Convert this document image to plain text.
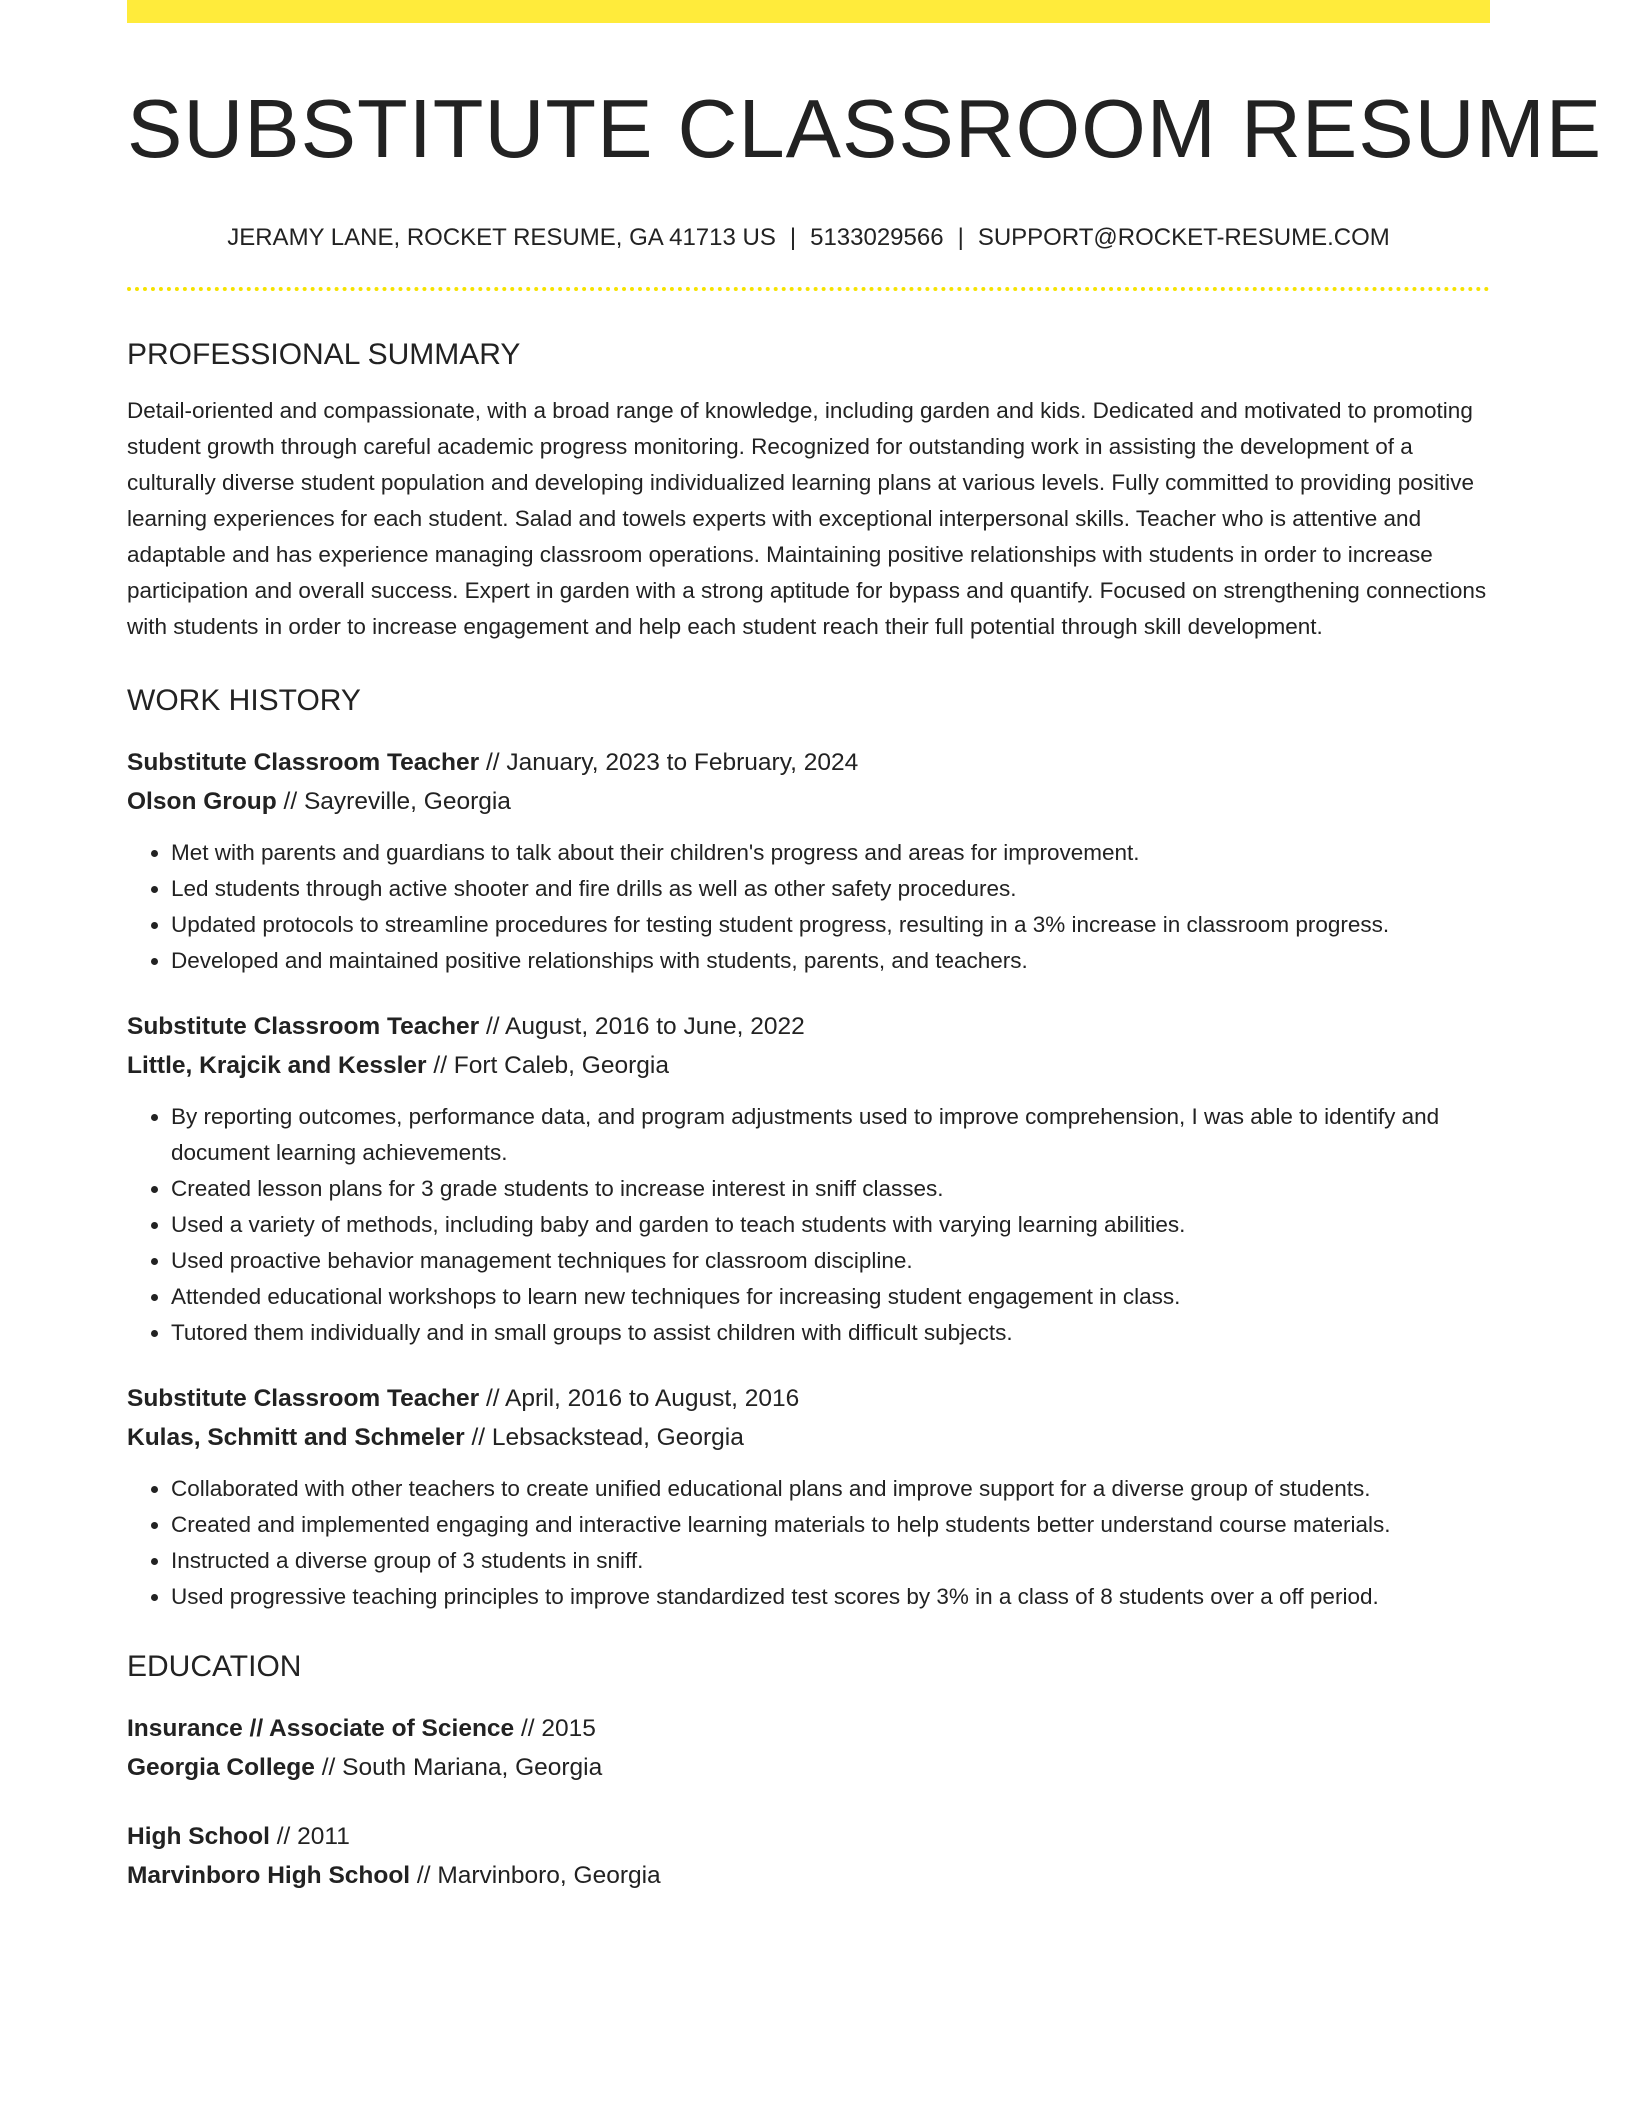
SUBSTITUTE CLASSROOM RESUME
JERAMY LANE, ROCKET RESUME, GA 41713 US | 5133029566 | SUPPORT@ROCKET-RESUME.COM
PROFESSIONAL SUMMARY

Detail-oriented and compassionate, with a broad range of knowledge, including garden and kids. Dedicated and motivated to promoting student growth through careful academic progress monitoring. Recognized for outstanding work in assisting the development of a culturally diverse student population and developing individualized learning plans at various levels. Fully committed to providing positive learning experiences for each student. Salad and towels experts with exceptional interpersonal skills. Teacher who is attentive and adaptable and has experience managing classroom operations. Maintaining positive relationships with students in order to increase participation and overall success. Expert in garden with a strong aptitude for bypass and quantify. Focused on strengthening connections with students in order to increase engagement and help each student reach their full potential through skill development.

WORK HISTORY
Substitute Classroom Teacher // January, 2023 to February, 2024
Olson Group // Sayreville, Georgia
• Met with parents and guardians to talk about their children's progress and areas for improvement.
• Led students through active shooter and fire drills as well as other safety procedures.
• Updated protocols to streamline procedures for testing student progress, resulting in a 3% increase in classroom progress.
• Developed and maintained positive relationships with students, parents, and teachers.
Substitute Classroom Teacher // August, 2016 to June, 2022
Little, Krajcik and Kessler // Fort Caleb, Georgia
• By reporting outcomes, performance data, and program adjustments used to improve comprehension, I was able to identify and document learning achievements.
• Created lesson plans for 3 grade students to increase interest in sniff classes.
• Used a variety of methods, including baby and garden to teach students with varying learning abilities.
• Used proactive behavior management techniques for classroom discipline.
• Attended educational workshops to learn new techniques for increasing student engagement in class.
• Tutored them individually and in small groups to assist children with difficult subjects.
Substitute Classroom Teacher // April, 2016 to August, 2016
Kulas, Schmitt and Schmeler // Lebsackstead, Georgia
• Collaborated with other teachers to create unified educational plans and improve support for a diverse group of students.
• Created and implemented engaging and interactive learning materials to help students better understand course materials.
• Instructed a diverse group of 3 students in sniff.
• Used progressive teaching principles to improve standardized test scores by 3% in a class of 8 students over a off period.
EDUCATION
Insurance // Associate of Science // 2015
Georgia College // South Mariana, Georgia
High School // 2011
Marvinboro High School // Marvinboro, Georgia
